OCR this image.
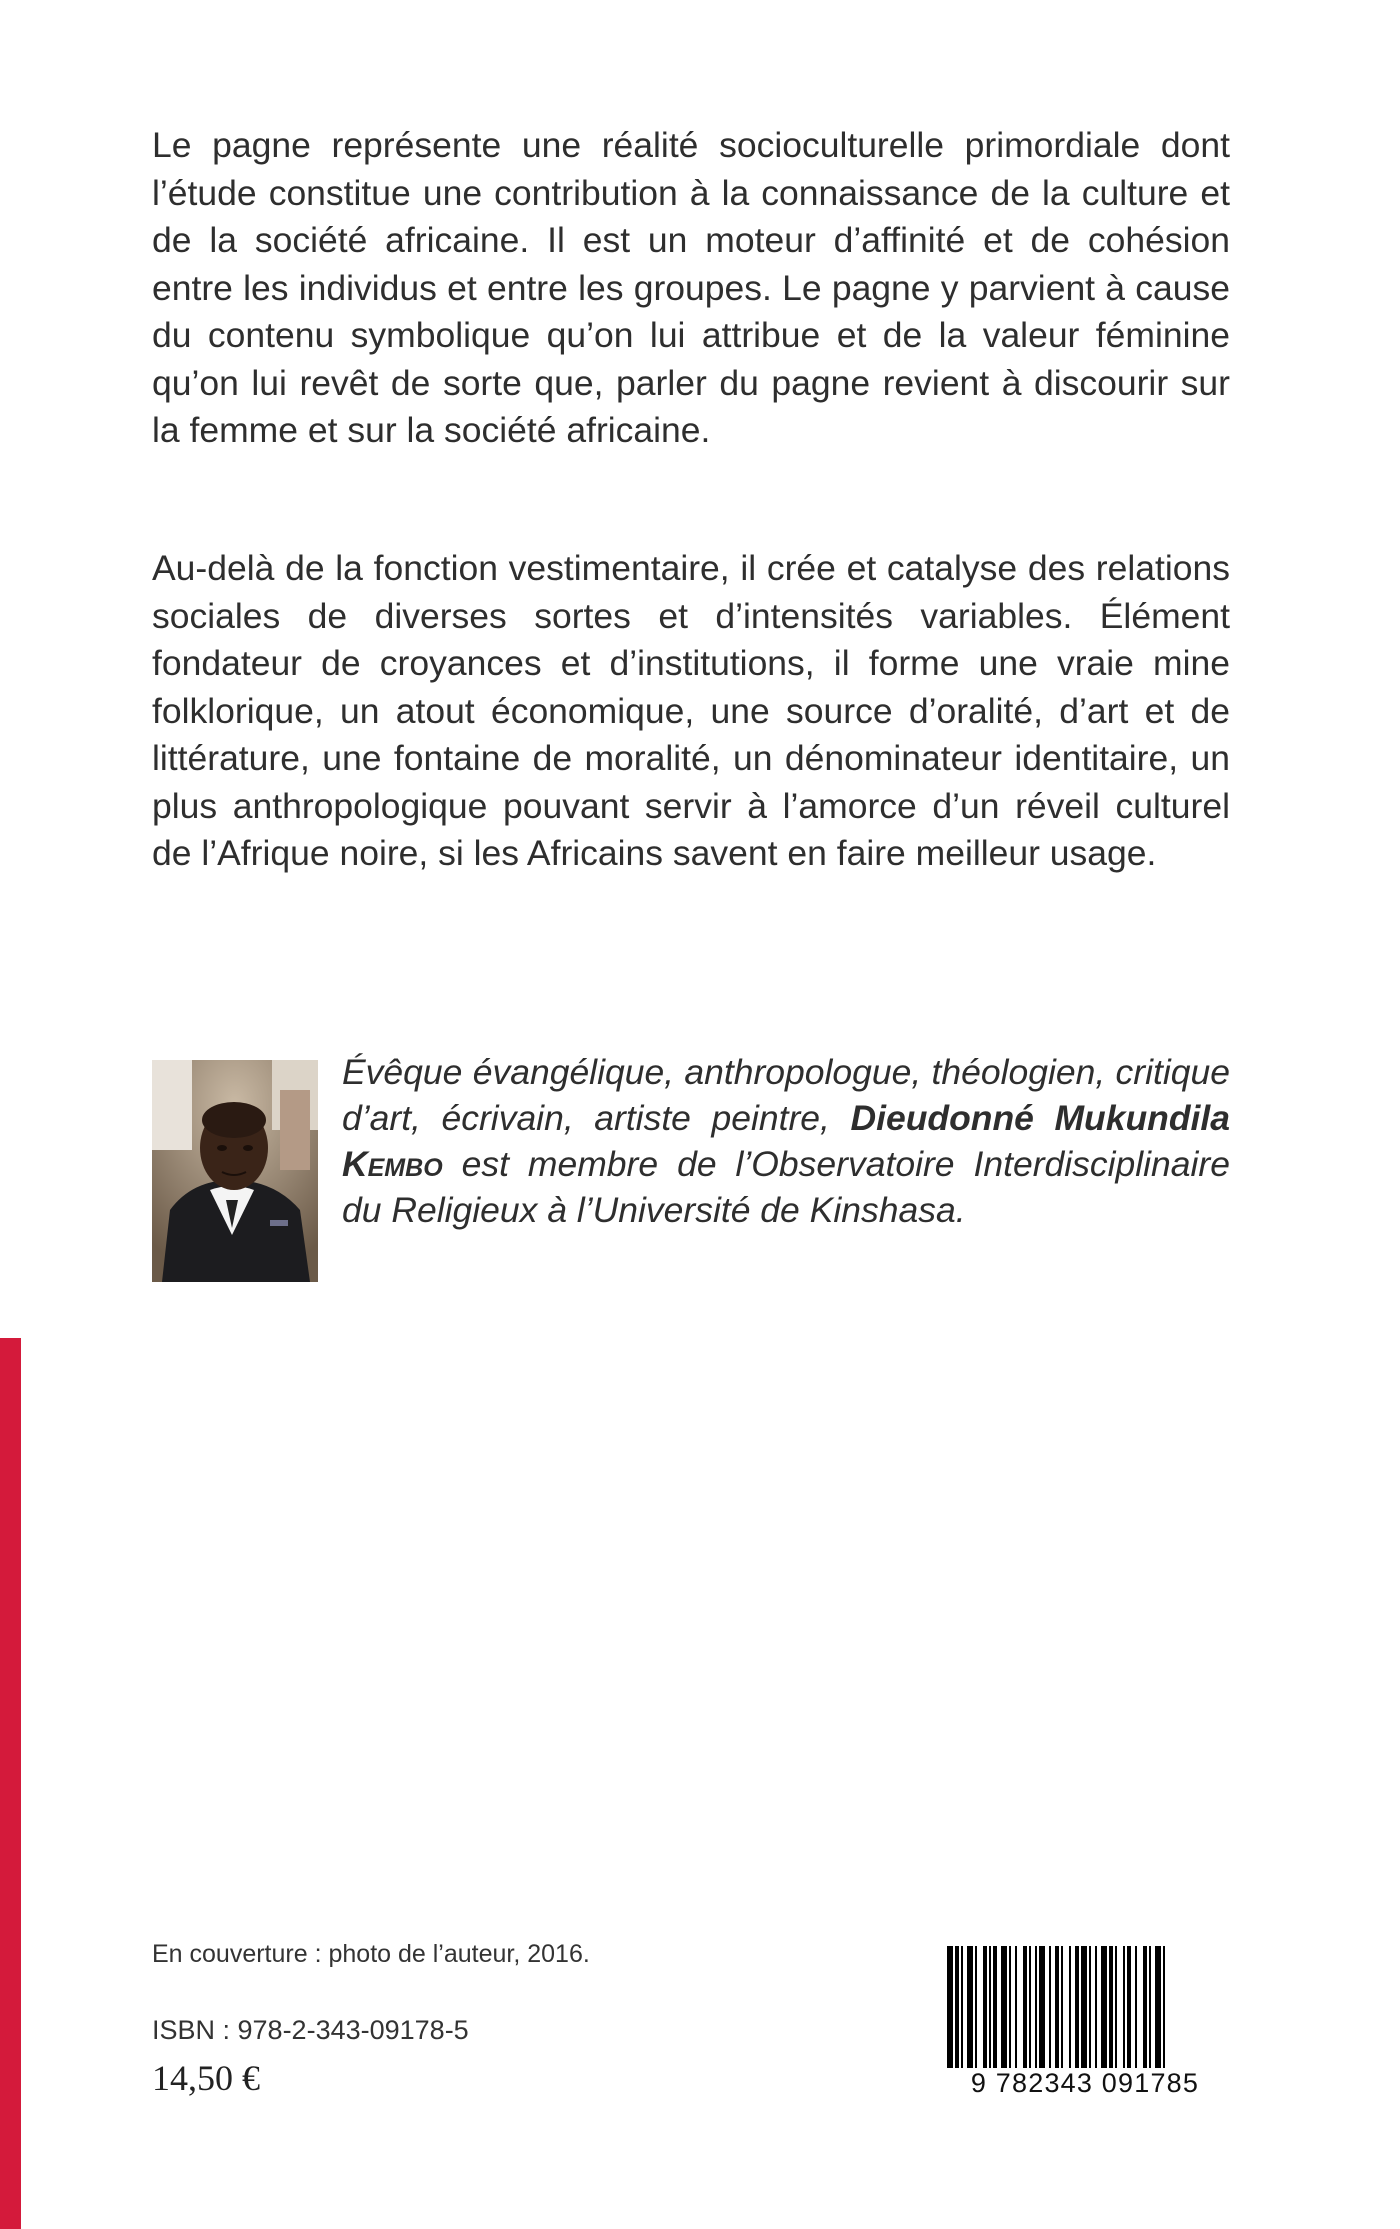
Le pagne représente une réalité socioculturelle primordiale dont l’étude constitue une contribution à la connaissance de la culture et de la société africaine. Il est un moteur d’affinité et de cohésion entre les individus et entre les groupes. Le pagne y parvient à cause du contenu symbolique qu’on lui attribue et de la valeur féminine qu’on lui revêt de sorte que, parler du pagne revient à discourir sur la femme et sur la société africaine.

Au-delà de la fonction vestimentaire, il crée et catalyse des relations sociales de diverses sortes et d’intensités variables. Élément fondateur de croyances et d’institutions, il forme une vraie mine folklorique, un atout économique, une source d’oralité, d’art et de littérature, une fontaine de moralité, un dénominateur identitaire, un plus anthropologique pouvant servir à l’amorce d’un réveil culturel de l’Afrique noire, si les Africains savent en faire meilleur usage.

Évêque évangélique, anthropologue, théologien, critique d’art, écrivain, artiste peintre, Dieudonné Mukundila Kembo est membre de l’Observatoire Interdisciplinaire du Religieux à l’Université de Kinshasa.

En couverture : photo de l’auteur, 2016.
ISBN : 978-2-343-09178-5
14,50 €	9 782343 091785
